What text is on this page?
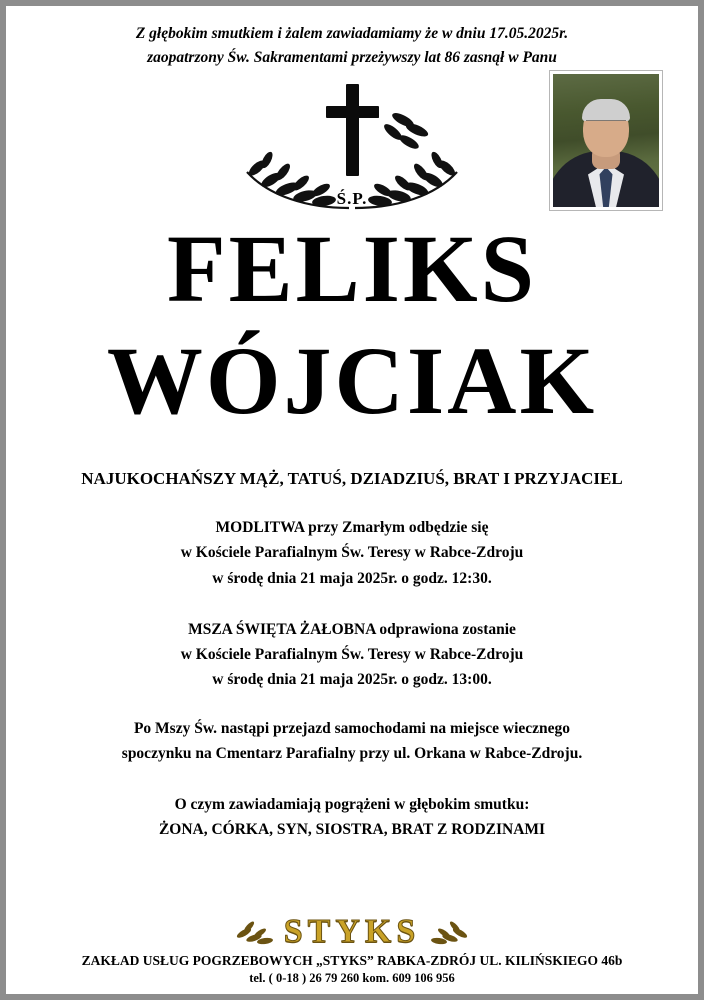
Z głębokim smutkiem i żalem zawiadamiamy że w dniu 17.05.2025r.
zaopatrzony Św. Sakramentami przeżywszy lat 86 zasnął w Panu
Ś.P.
FELIKS
WÓJCIAK
NAJUKOCHAŃSZY MĄŻ, TATUŚ, DZIADZIUŚ, BRAT I PRZYJACIEL
MODLITWA przy Zmarłym odbędzie się
w Kościele Parafialnym Św. Teresy w Rabce-Zdroju
w środę dnia 21 maja 2025r. o godz. 12:30.
MSZA ŚWIĘTA ŻAŁOBNA odprawiona zostanie
w Kościele Parafialnym Św. Teresy w Rabce-Zdroju
w środę dnia 21 maja 2025r. o godz. 13:00.
Po Mszy Św. nastąpi przejazd samochodami na miejsce wiecznego
spoczynku na Cmentarz Parafialny przy ul. Orkana w Rabce-Zdroju.
O czym zawiadamiają pogrążeni w głębokim smutku:
ŻONA, CÓRKA, SYN, SIOSTRA, BRAT Z RODZINAMI
STYKS
ZAKŁAD USŁUG POGRZEBOWYCH „STYKS” RABKA-ZDRÓJ UL. KILIŃSKIEGO 46b
tel. ( 0-18 ) 26 79 260 kom. 609 106 956
